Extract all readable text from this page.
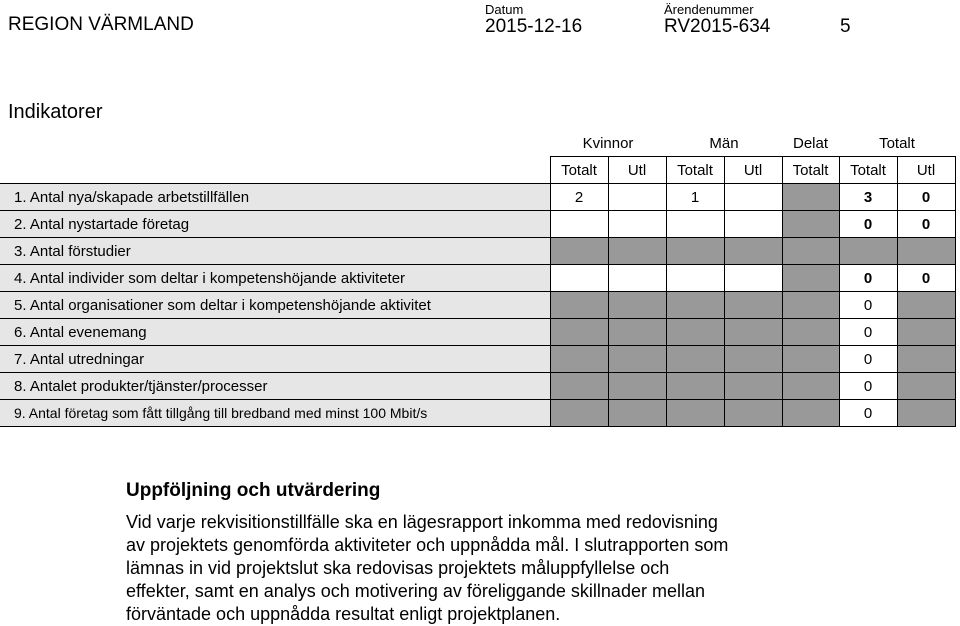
REGION VÄRMLAND
Datum
2015-12-16
Ärendenummer
RV2015-634	5
Indikatorer
	Kvinnor		Män		Delat	Totalt	
	Totalt	Utl	Totalt	Utl	Totalt	Totalt	Utl
1. Antal nya/skapade arbetstillfällen	2		1			3	0
2. Antal nystartade företag						0	0
3. Antal förstudier							
4. Antal individer som deltar i kompetenshöjande aktiviteter						0	0
5. Antal organisationer som deltar i kompetenshöjande aktivitet						0	
6. Antal evenemang						0	
7. Antal utredningar						0	
8. Antalet produkter/tjänster/processer						0	
9. Antal företag som fått tillgång till bredband med minst 100 Mbit/s						0	
Uppföljning och utvärdering
Vid varje rekvisitionstillfälle ska en lägesrapport inkomma med redovisning
av projektets genomförda aktiviteter och uppnådda mål. I slutrapporten som
lämnas in vid projektslut ska redovisas projektets måluppfyllelse och
effekter, samt en analys och motivering av föreliggande skillnader mellan
förväntade och uppnådda resultat enligt projektplanen.
